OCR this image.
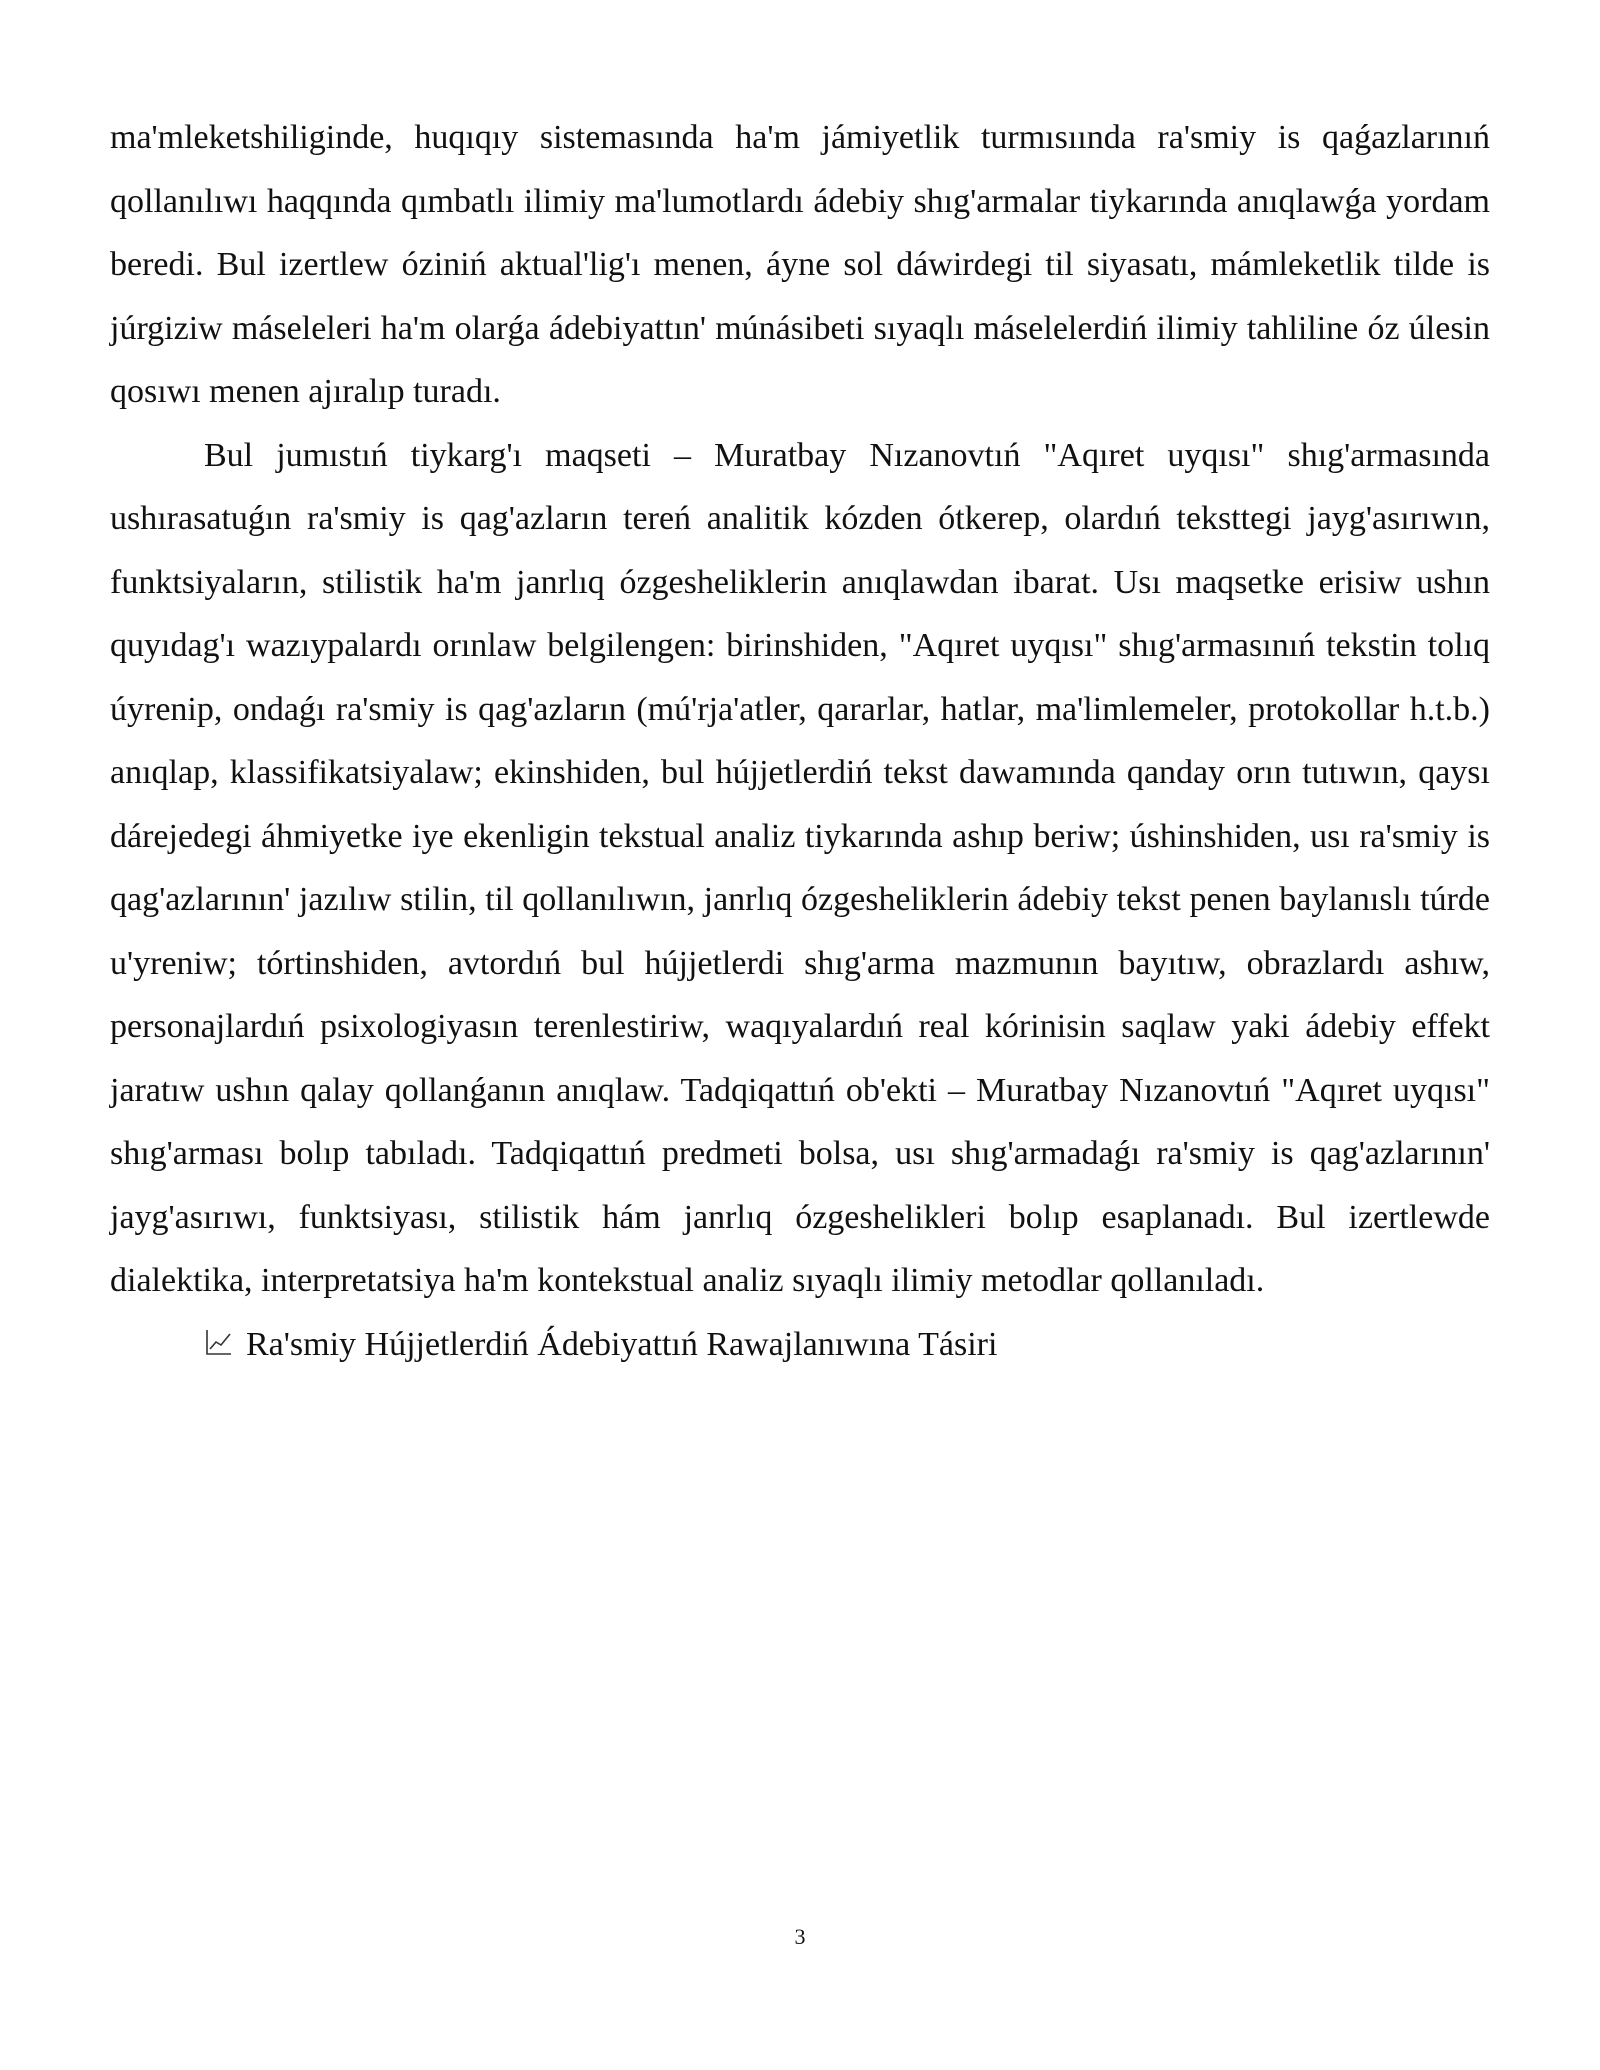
ma'mleketshiliginde, huqıqıy sistemasında ha'm jámiyetlik turmısıında ra'smiy is qaǵazlarınıń qollanılıwı haqqında qımbatlı ilimiy ma'lumotlardı ádebiy shıg'armalar tiykarında anıqlawǵa yordam beredi. Bul izertlew óziniń aktual'lig'ı menen, áyne sol dáwirdegi til siyasatı, mámleketlik tilde is júrgiziw máseleleri ha'm olarǵa ádebiyattın' múnásibeti sıyaqlı máselelerdiń ilimiy tahliline óz úlesin qosıwı menen ajıralıp turadı.

Bul jumıstıń tiykarg'ı maqseti – Muratbay Nızanovtıń "Aqıret uyqısı" shıg'armasında ushırasatuǵın ra'smiy is qag'azların tereń analitik kózden ótkerep, olardıń teksttegi jayg'asırıwın, funktsiyaların, stilistik ha'm janrlıq ózgesheliklerin anıqlawdan ibarat. Usı maqsetke erisiw ushın quyıdag'ı wazıypalardı orınlaw belgilengen: birinshiden, "Aqıret uyqısı" shıg'armasınıń tekstin tolıq úyrenip, ondaǵı ra'smiy is qag'azların (mú'rja'atler, qararlar, hatlar, ma'limlemeler, protokollar h.t.b.) anıqlap, klassifikatsiyalaw; ekinshiden, bul hújjetlerdiń tekst dawamında qanday orın tutıwın, qaysı dárejedegi áhmiyetke iye ekenligin tekstual analiz tiykarında ashıp beriw; úshinshiden, usı ra'smiy is qag'azlarının' jazılıw stilin, til qollanılıwın, janrlıq ózgesheliklerin ádebiy tekst penen baylanıslı túrde u'yreniw; tórtinshiden, avtordıń bul hújjetlerdi shıg'arma mazmunın bayıtıw, obrazlardı ashıw, personajlardıń psixologiyasın terenlestiriw, waqıyalardıń real kórinisin saqlaw yaki ádebiy effekt jaratıw ushın qalay qollanǵanın anıqlaw. Tadqiqattıń ob'ekti – Muratbay Nızanovtıń "Aqıret uyqısı" shıg'arması bolıp tabıladı. Tadqiqattıń predmeti bolsa, usı shıg'armadaǵı ra'smiy is qag'azlarının' jayg'asırıwı, funktsiyası, stilistik hám janrlıq ózgeshelikleri bolıp esaplanadı. Bul izertlewde dialektika, interpretatsiya ha'm kontekstual analiz sıyaqlı ilimiy metodlar qollanıladı.

Ra'smiy Hújjetlerdiń Ádebiyattıń Rawajlanıwına Tásiri

3
